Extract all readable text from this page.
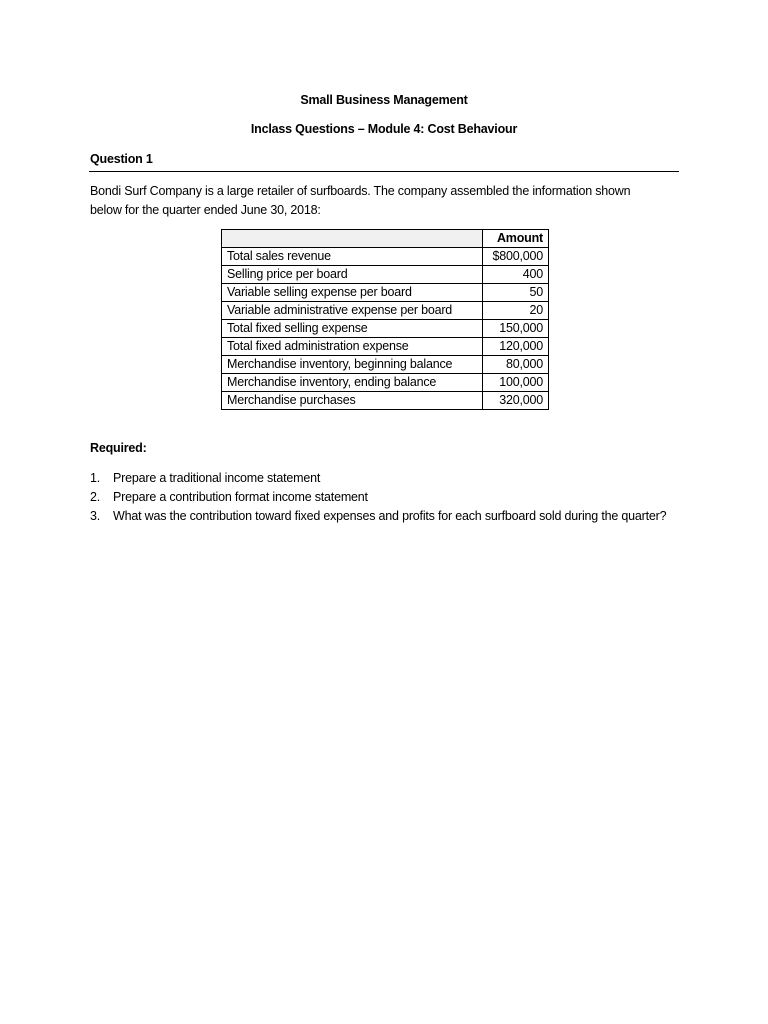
Small Business Management
Inclass Questions – Module 4: Cost Behaviour
Question 1
Bondi Surf Company is a large retailer of surfboards. The company assembled the information shown
below for the quarter ended June 30, 2018:
	Amount
Total sales revenue	$800,000
Selling price per board	400
Variable selling expense per board	50
Variable administrative expense per board	20
Total fixed selling expense	150,000
Total fixed administration expense	120,000
Merchandise inventory, beginning balance	80,000
Merchandise inventory, ending balance	100,000
Merchandise purchases	320,000
Required:
1.	Prepare a traditional income statement
2.	Prepare a contribution format income statement
3.	What was the contribution toward fixed expenses and profits for each surfboard sold during the quarter?
